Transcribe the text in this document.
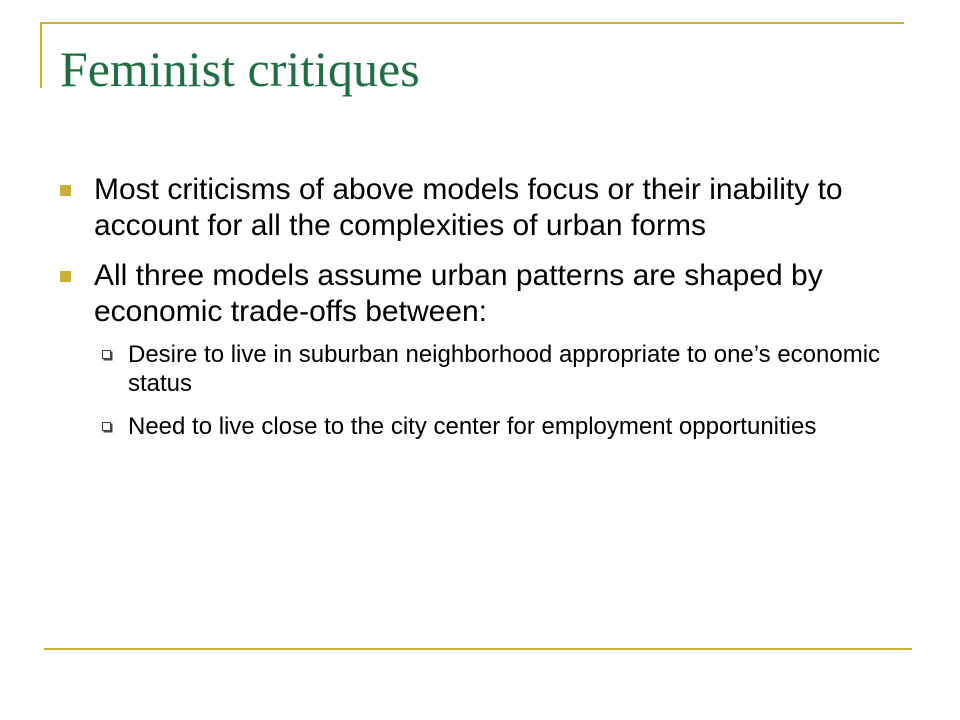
Feminist critiques
Most criticisms of above models focus or their inability to account for all the complexities of urban forms
All three models assume urban patterns are shaped by economic trade-offs between:
Desire to live in suburban neighborhood appropriate to one’s economic status
Need to live close to the city center for employment opportunities
